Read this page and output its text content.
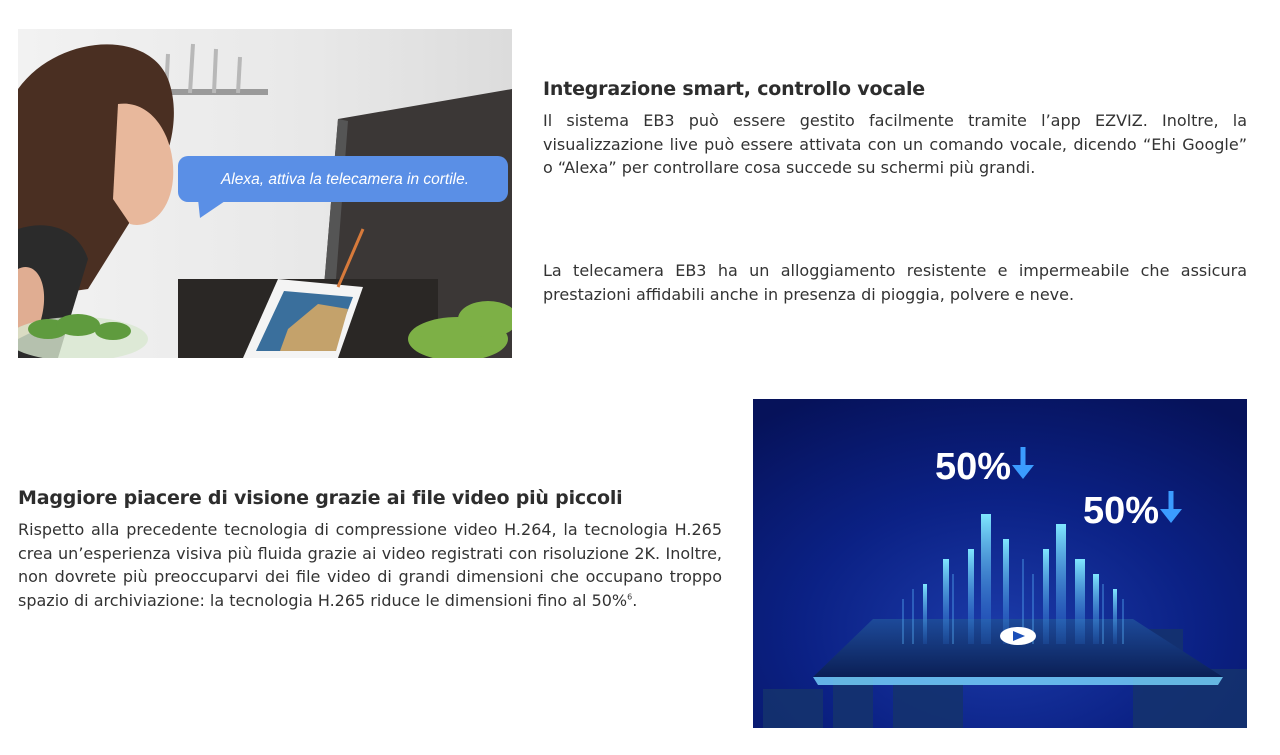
Alexa, attiva la telecamera in cortile.
Integrazione smart, controllo vocale

Il sistema EB3 può essere gestito facilmente tramite l’app EZVIZ. Inoltre, la visualizzazione live può essere attivata con un comando vocale, dicendo “Ehi Google” o “Alexa” per controllare cosa succede su schermi più grandi.

La telecamera EB3 ha un alloggiamento resistente e impermeabile che assicura prestazioni affidabili anche in presenza di pioggia, polvere e neve.

Maggiore piacere di visione grazie ai file video più piccoli

Rispetto alla precedente tecnologia di compressione video H.264, la tecnologia H.265 crea un’esperienza visiva più fluida grazie ai video registrati con risoluzione 2K. Inoltre, non dovrete più preoccuparvi dei file video di grandi dimensioni che occupano troppo spazio di archiviazione: la tecnologia H.265 riduce le dimensioni fino al 50%$^6$.

50%
50%
